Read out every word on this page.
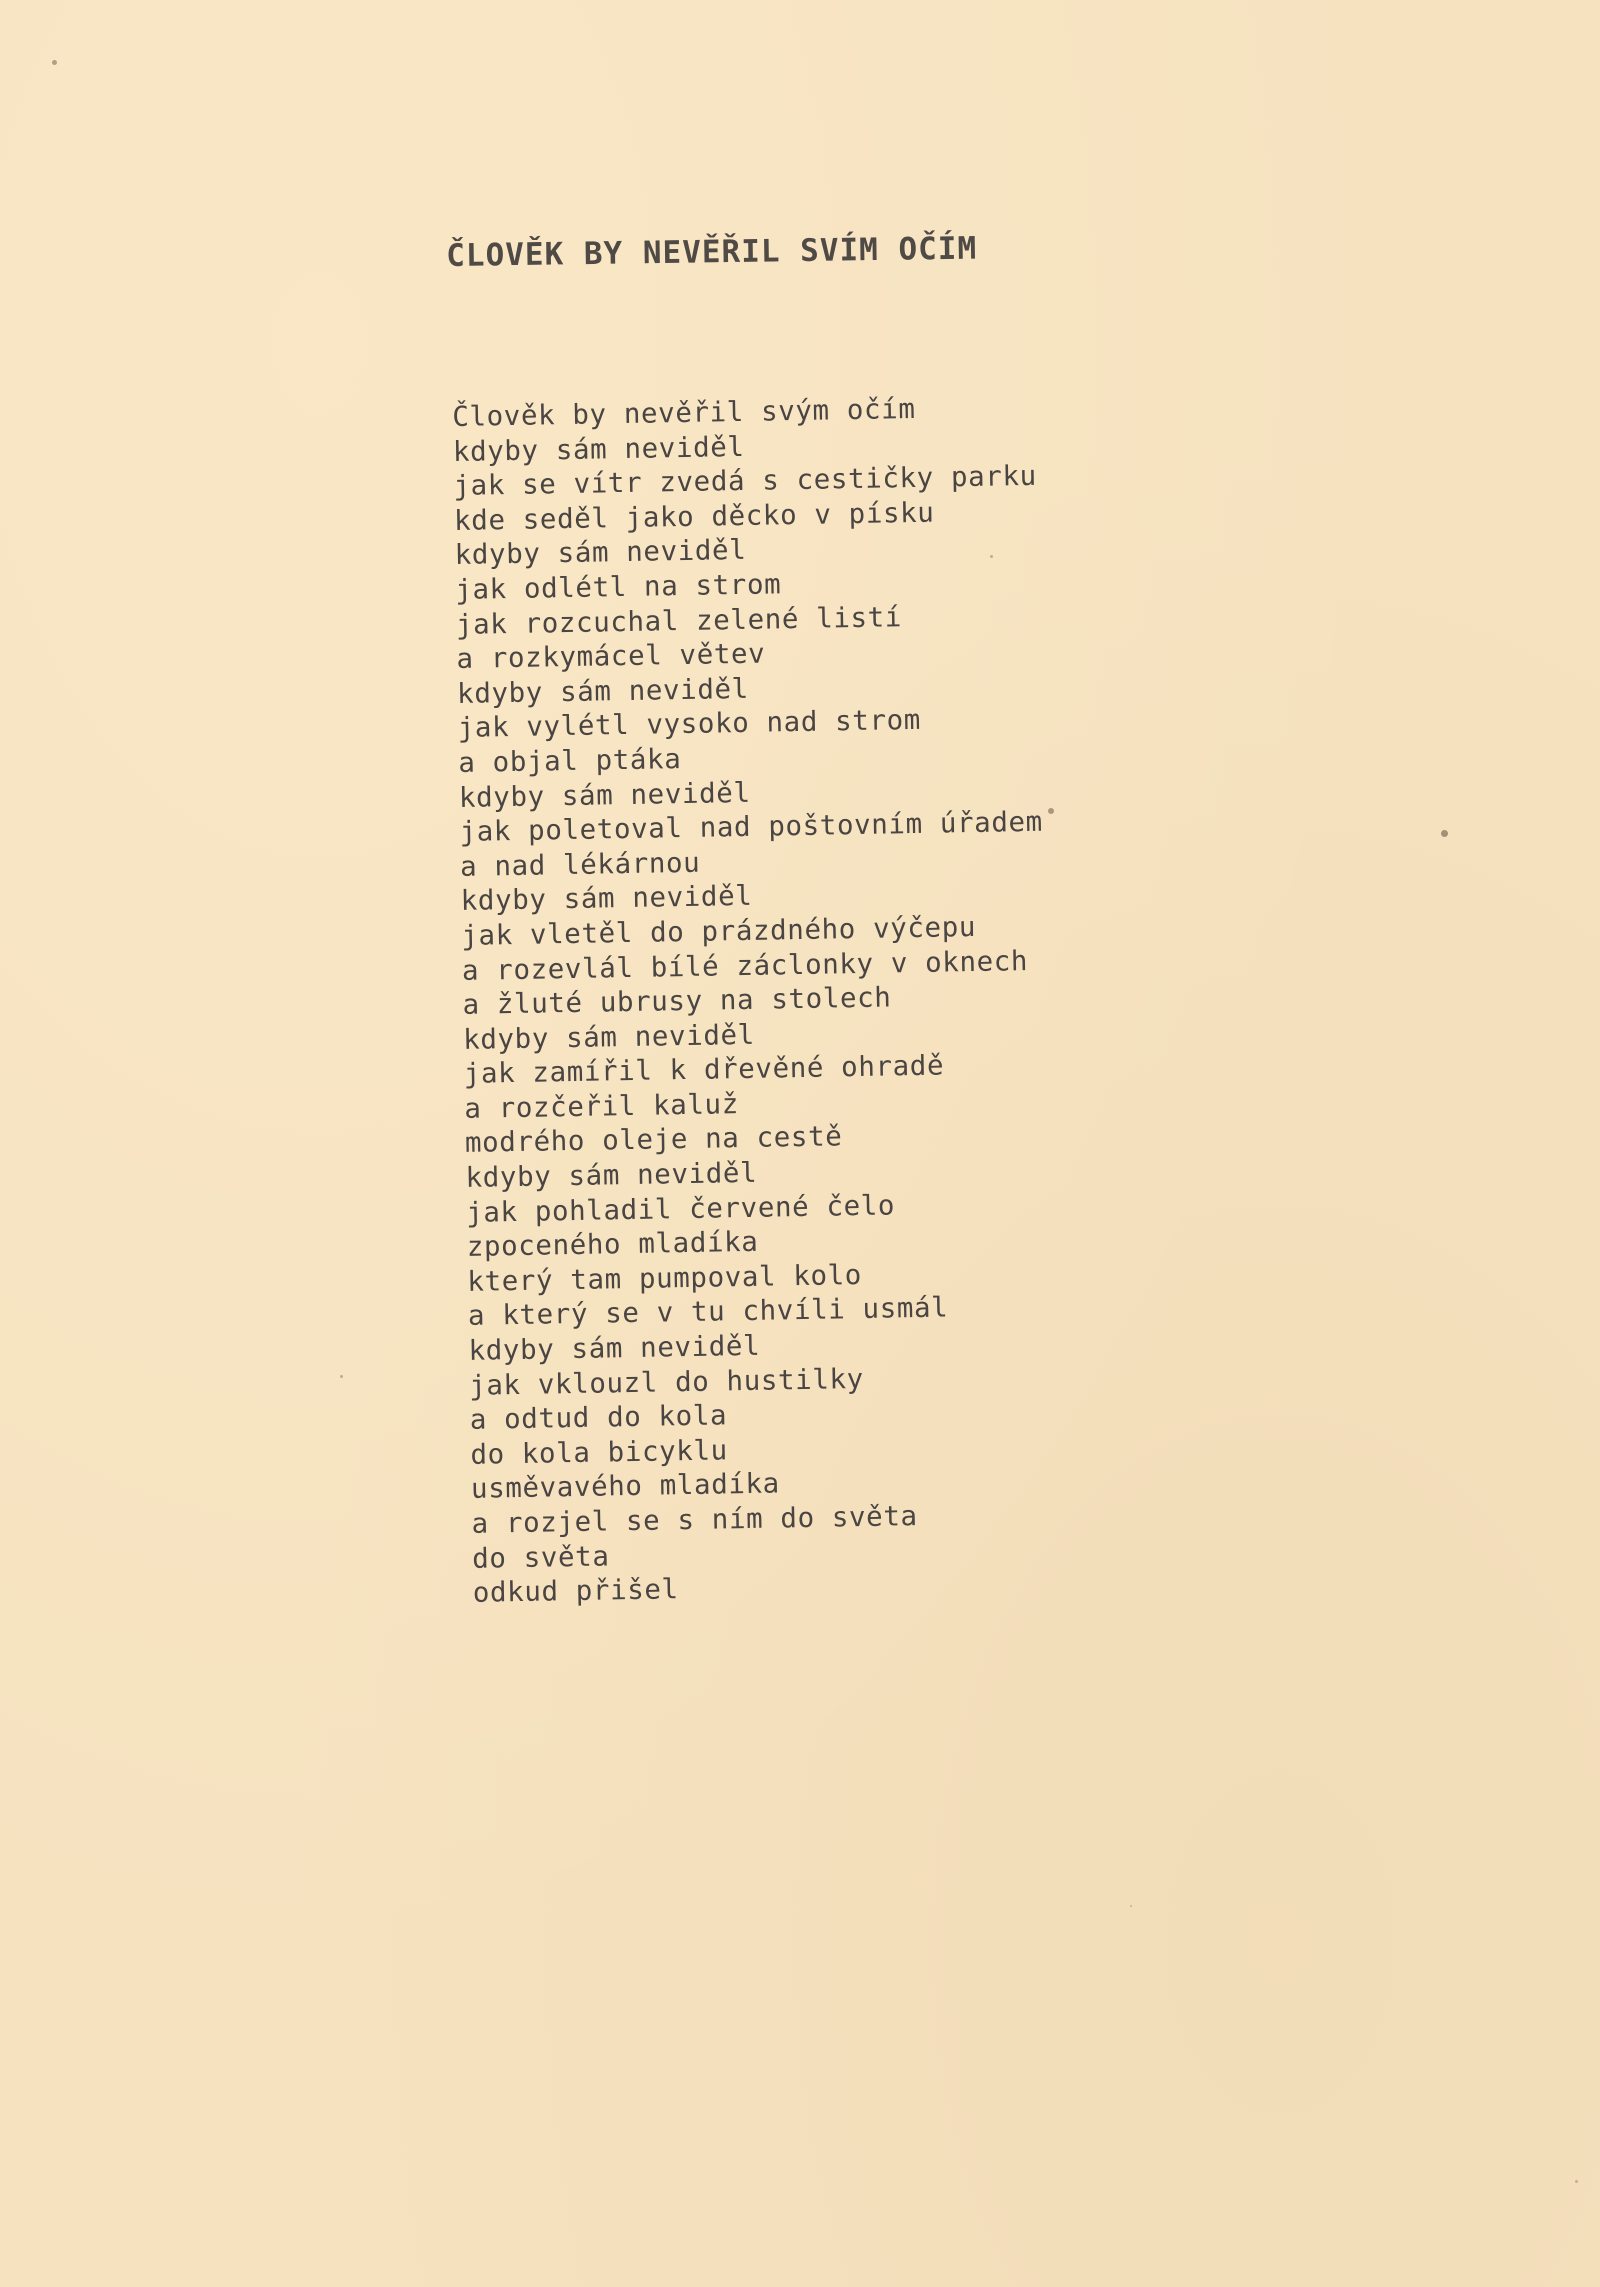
ČLOVĚK BY NEVĚŘIL SVÍM OČÍM
Člověk by nevěřil svým očím
kdyby sám neviděl
jak se vítr zvedá s cestičky parku
kde seděl jako děcko v písku
kdyby sám neviděl
jak odlétl na strom
jak rozcuchal zelené listí
a rozkymácel větev
kdyby sám neviděl
jak vylétl vysoko nad strom
a objal ptáka
kdyby sám neviděl
jak poletoval nad poštovním úřadem
a nad lékárnou
kdyby sám neviděl
jak vletěl do prázdného výčepu
a rozevlál bílé záclonky v oknech
a žluté ubrusy na stolech
kdyby sám neviděl
jak zamířil k dřevěné ohradě
a rozčeřil kaluž
modrého oleje na cestě
kdyby sám neviděl
jak pohladil červené čelo
zpoceného mladíka
který tam pumpoval kolo
a který se v tu chvíli usmál
kdyby sám neviděl
jak vklouzl do hustilky
a odtud do kola
do kola bicyklu
usměvavého mladíka
a rozjel se s ním do světa
do světa
odkud přišel
